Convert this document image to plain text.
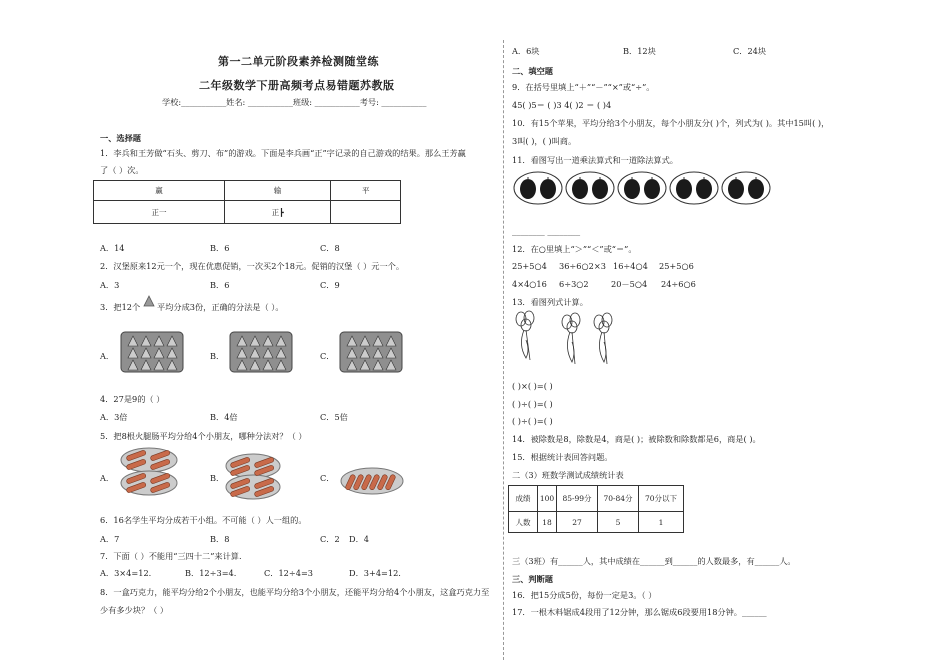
第一二单元阶段素养检测随堂练
二年级数学下册高频考点易错题苏教版
学校:___________姓名: ___________班级: ___________考号: ___________
一、选择题
1．李兵和王芳做“石头、剪刀、布”的游戏。下面是李兵画“正”字记录的自己游戏的结果。那么王芳赢
了（ ）次。
赢	输	平
正一	正┣	
A．14	B．6	C．8
2．汉堡原来12元一个，现在优惠促销，一次买2个18元。促销的汉堡（ ）元一个。
A．3	B．6	C．9
3．把12个 平均分成3份，正确的分法是（ ）。
A．	B．	C．
4．27是9的（ ）
A．3倍	B．4倍	C．5倍
5．把8根火腿肠平均分给4个小朋友，哪种分法对？（ ）
A．	B．	C．
6．16名学生平均分成若干小组。不可能（ ）人一组的。
A．7	B．8	C．2 D．4
7．下面（ ）不能用“三四十二”来计算.
A．3×4=12.	B．12÷3=4.	C．12÷4=3	D．3+4=12.
8．一盒巧克力，能平均分给2个小朋友，也能平均分给3个小朋友，还能平均分给4个小朋友，这盒巧克力至
少有多少块？（ ）
A．6块	B．12块	C．24块
二、填空题
9．在括号里填上“＋”“－”“×”或“÷”。
45( )5＝ ( )3 4( )2 ＝ ( )4
10．有15个苹果，平均分给3个小朋友，每个小朋友分( )个，列式为( )。其中15叫( )，
3叫( )，( )叫商。
11．看图写出一道乘法算式和一道除法算式。
________ ________
12．在○里填上“＞”“＜”或“＝”。
25+5○4 36÷6○2×3 16÷4○4 25+5○6
4×4○16 6÷3○2	20－5○4 24÷6○6
13．看图列式计算。
( )×( )=( )
( )÷( )=( )
( )÷( )=( )
14．被除数是8，除数是4，商是( )；被除数和除数都是6，商是( )。
15．根据统计表回答问题。
二（3）班数学测试成绩统计表
成绩	100	85-99分	70-84分	70分以下
人数	18	27	5	1
三（3班）有______人，其中成绩在______到______的人数最多，有______人。
三、判断题
16．把15分成5份，每份一定是3。（ ）
17．一根木料锯成4段用了12分钟，那么锯成6段要用18分钟。______
